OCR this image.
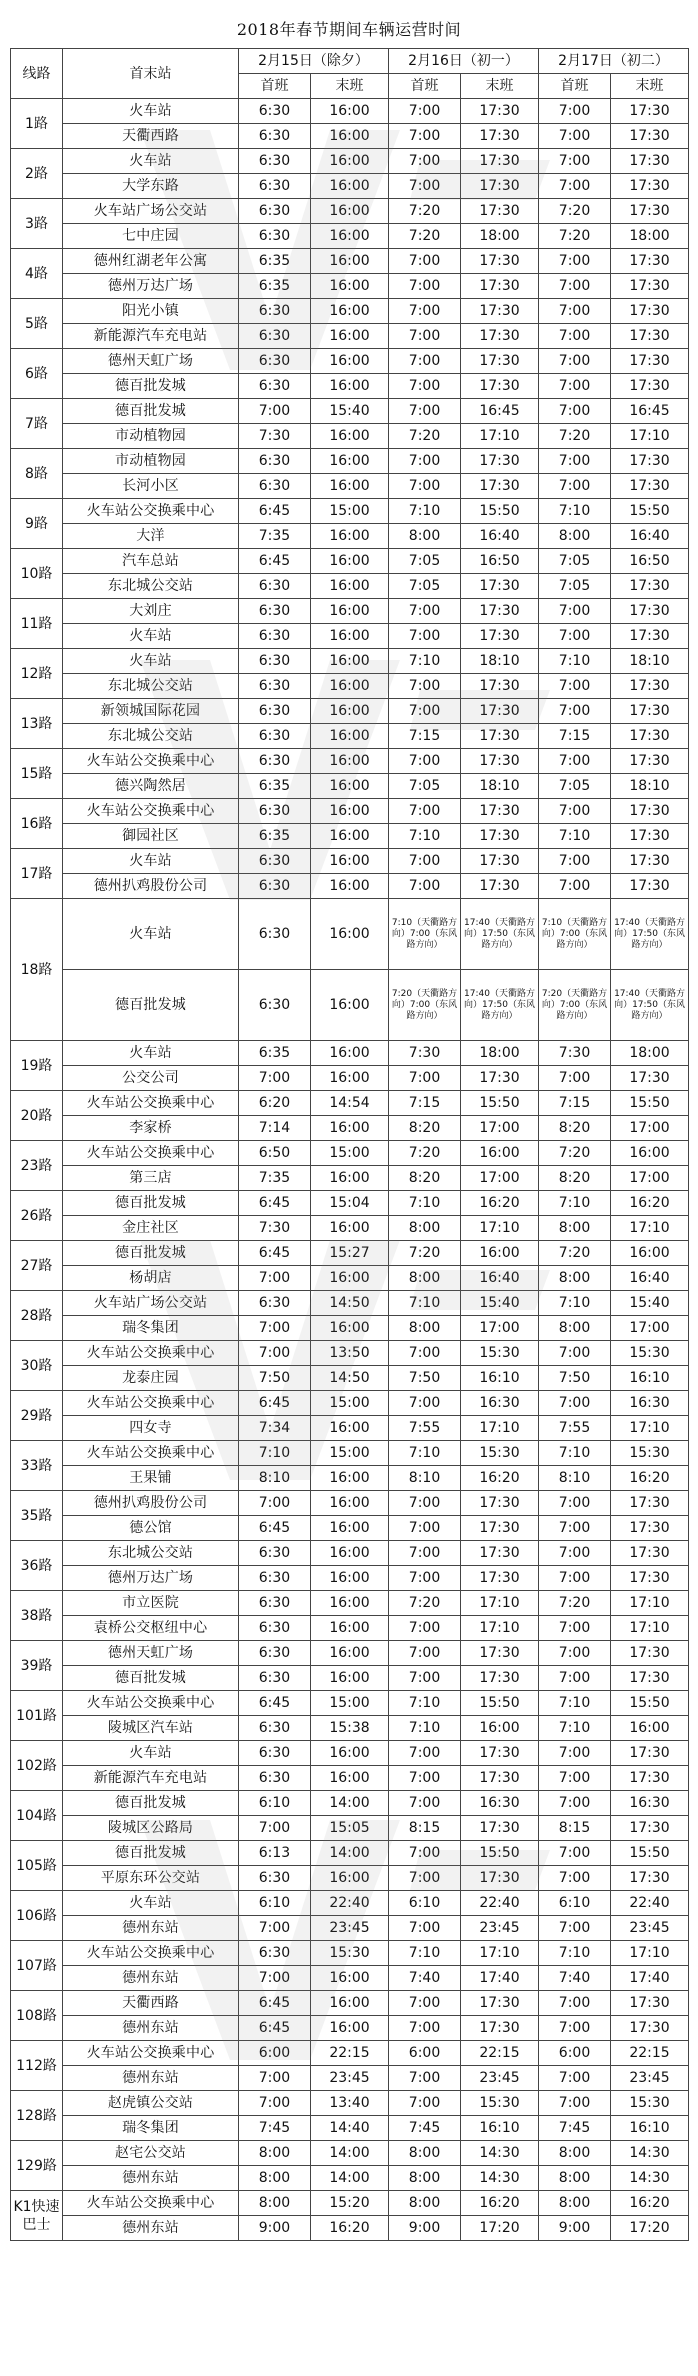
2018年春节期间车辆运营时间
线路	首末站	2月15日（除夕）		2月16日（初一）		2月17日（初二）	
		首班	末班	首班	末班	首班	末班
1路	火车站	6:30	16:00	7:00	17:30	7:00	17:30
	天衢西路	6:30	16:00	7:00	17:30	7:00	17:30
2路	火车站	6:30	16:00	7:00	17:30	7:00	17:30
	大学东路	6:30	16:00	7:00	17:30	7:00	17:30
3路	火车站广场公交站	6:30	16:00	7:20	17:30	7:20	17:30
	七中庄园	6:30	16:00	7:20	18:00	7:20	18:00
4路	德州红湖老年公寓	6:35	16:00	7:00	17:30	7:00	17:30
	德州万达广场	6:35	16:00	7:00	17:30	7:00	17:30
5路	阳光小镇	6:30	16:00	7:00	17:30	7:00	17:30
	新能源汽车充电站	6:30	16:00	7:00	17:30	7:00	17:30
6路	德州天虹广场	6:30	16:00	7:00	17:30	7:00	17:30
	德百批发城	6:30	16:00	7:00	17:30	7:00	17:30
7路	德百批发城	7:00	15:40	7:00	16:45	7:00	16:45
	市动植物园	7:30	16:00	7:20	17:10	7:20	17:10
8路	市动植物园	6:30	16:00	7:00	17:30	7:00	17:30
	长河小区	6:30	16:00	7:00	17:30	7:00	17:30
9路	火车站公交换乘中心	6:45	15:00	7:10	15:50	7:10	15:50
	大洋	7:35	16:00	8:00	16:40	8:00	16:40
10路	汽车总站	6:45	16:00	7:05	16:50	7:05	16:50
	东北城公交站	6:30	16:00	7:05	17:30	7:05	17:30
11路	大刘庄	6:30	16:00	7:00	17:30	7:00	17:30
	火车站	6:30	16:00	7:00	17:30	7:00	17:30
12路	火车站	6:30	16:00	7:10	18:10	7:10	18:10
	东北城公交站	6:30	16:00	7:00	17:30	7:00	17:30
13路	新领城国际花园	6:30	16:00	7:00	17:30	7:00	17:30
	东北城公交站	6:30	16:00	7:15	17:30	7:15	17:30
15路	火车站公交换乘中心	6:30	16:00	7:00	17:30	7:00	17:30
	德兴陶然居	6:35	16:00	7:05	18:10	7:05	18:10
16路	火车站公交换乘中心	6:30	16:00	7:00	17:30	7:00	17:30
	御园社区	6:35	16:00	7:10	17:30	7:10	17:30
17路	火车站	6:30	16:00	7:00	17:30	7:00	17:30
	德州扒鸡股份公司	6:30	16:00	7:00	17:30	7:00	17:30
18路	火车站	6:30	16:00	7:10（天衢路方向）7:00（东风路方向）	17:40（天衢路方向）17:50（东风路方向）	7:10（天衢路方向）7:00（东风路方向）	17:40（天衢路方向）17:50（东风路方向）
	德百批发城	6:30	16:00	7:20（天衢路方向）7:00（东风路方向）	17:40（天衢路方向）17:50（东风路方向）	7:20（天衢路方向）7:00（东风路方向）	17:40（天衢路方向）17:50（东风路方向）
19路	火车站	6:35	16:00	7:30	18:00	7:30	18:00
	公交公司	7:00	16:00	7:00	17:30	7:00	17:30
20路	火车站公交换乘中心	6:20	14:54	7:15	15:50	7:15	15:50
	李家桥	7:14	16:00	8:20	17:00	8:20	17:00
23路	火车站公交换乘中心	6:50	15:00	7:20	16:00	7:20	16:00
	第三店	7:35	16:00	8:20	17:00	8:20	17:00
26路	德百批发城	6:45	15:04	7:10	16:20	7:10	16:20
	金庄社区	7:30	16:00	8:00	17:10	8:00	17:10
27路	德百批发城	6:45	15:27	7:20	16:00	7:20	16:00
	杨胡店	7:00	16:00	8:00	16:40	8:00	16:40
28路	火车站广场公交站	6:30	14:50	7:10	15:40	7:10	15:40
	瑞冬集团	7:00	16:00	8:00	17:00	8:00	17:00
30路	火车站公交换乘中心	7:00	13:50	7:00	15:30	7:00	15:30
	龙泰庄园	7:50	14:50	7:50	16:10	7:50	16:10
29路	火车站公交换乘中心	6:45	15:00	7:00	16:30	7:00	16:30
	四女寺	7:34	16:00	7:55	17:10	7:55	17:10
33路	火车站公交换乘中心	7:10	15:00	7:10	15:30	7:10	15:30
	王果铺	8:10	16:00	8:10	16:20	8:10	16:20
35路	德州扒鸡股份公司	7:00	16:00	7:00	17:30	7:00	17:30
	德公馆	6:45	16:00	7:00	17:30	7:00	17:30
36路	东北城公交站	6:30	16:00	7:00	17:30	7:00	17:30
	德州万达广场	6:30	16:00	7:00	17:30	7:00	17:30
38路	市立医院	6:30	16:00	7:20	17:10	7:20	17:10
	袁桥公交枢纽中心	6:30	16:00	7:00	17:10	7:00	17:10
39路	德州天虹广场	6:30	16:00	7:00	17:30	7:00	17:30
	德百批发城	6:30	16:00	7:00	17:30	7:00	17:30
101路	火车站公交换乘中心	6:45	15:00	7:10	15:50	7:10	15:50
	陵城区汽车站	6:30	15:38	7:10	16:00	7:10	16:00
102路	火车站	6:30	16:00	7:00	17:30	7:00	17:30
	新能源汽车充电站	6:30	16:00	7:00	17:30	7:00	17:30
104路	德百批发城	6:10	14:00	7:00	16:30	7:00	16:30
	陵城区公路局	7:00	15:05	8:15	17:30	8:15	17:30
105路	德百批发城	6:13	14:00	7:00	15:50	7:00	15:50
	平原东环公交站	6:30	16:00	7:00	17:30	7:00	17:30
106路	火车站	6:10	22:40	6:10	22:40	6:10	22:40
	德州东站	7:00	23:45	7:00	23:45	7:00	23:45
107路	火车站公交换乘中心	6:30	15:30	7:10	17:10	7:10	17:10
	德州东站	7:00	16:00	7:40	17:40	7:40	17:40
108路	天衢西路	6:45	16:00	7:00	17:30	7:00	17:30
	德州东站	6:45	16:00	7:00	17:30	7:00	17:30
112路	火车站公交换乘中心	6:00	22:15	6:00	22:15	6:00	22:15
	德州东站	7:00	23:45	7:00	23:45	7:00	23:45
128路	赵虎镇公交站	7:00	13:40	7:00	15:30	7:00	15:30
	瑞冬集团	7:45	14:40	7:45	16:10	7:45	16:10
129路	赵宅公交站	8:00	14:00	8:00	14:30	8:00	14:30
	德州东站	8:00	14:00	8:00	14:30	8:00	14:30
K1快速巴士	火车站公交换乘中心	8:00	15:20	8:00	16:20	8:00	16:20
	德州东站	9:00	16:20	9:00	17:20	9:00	17:20
